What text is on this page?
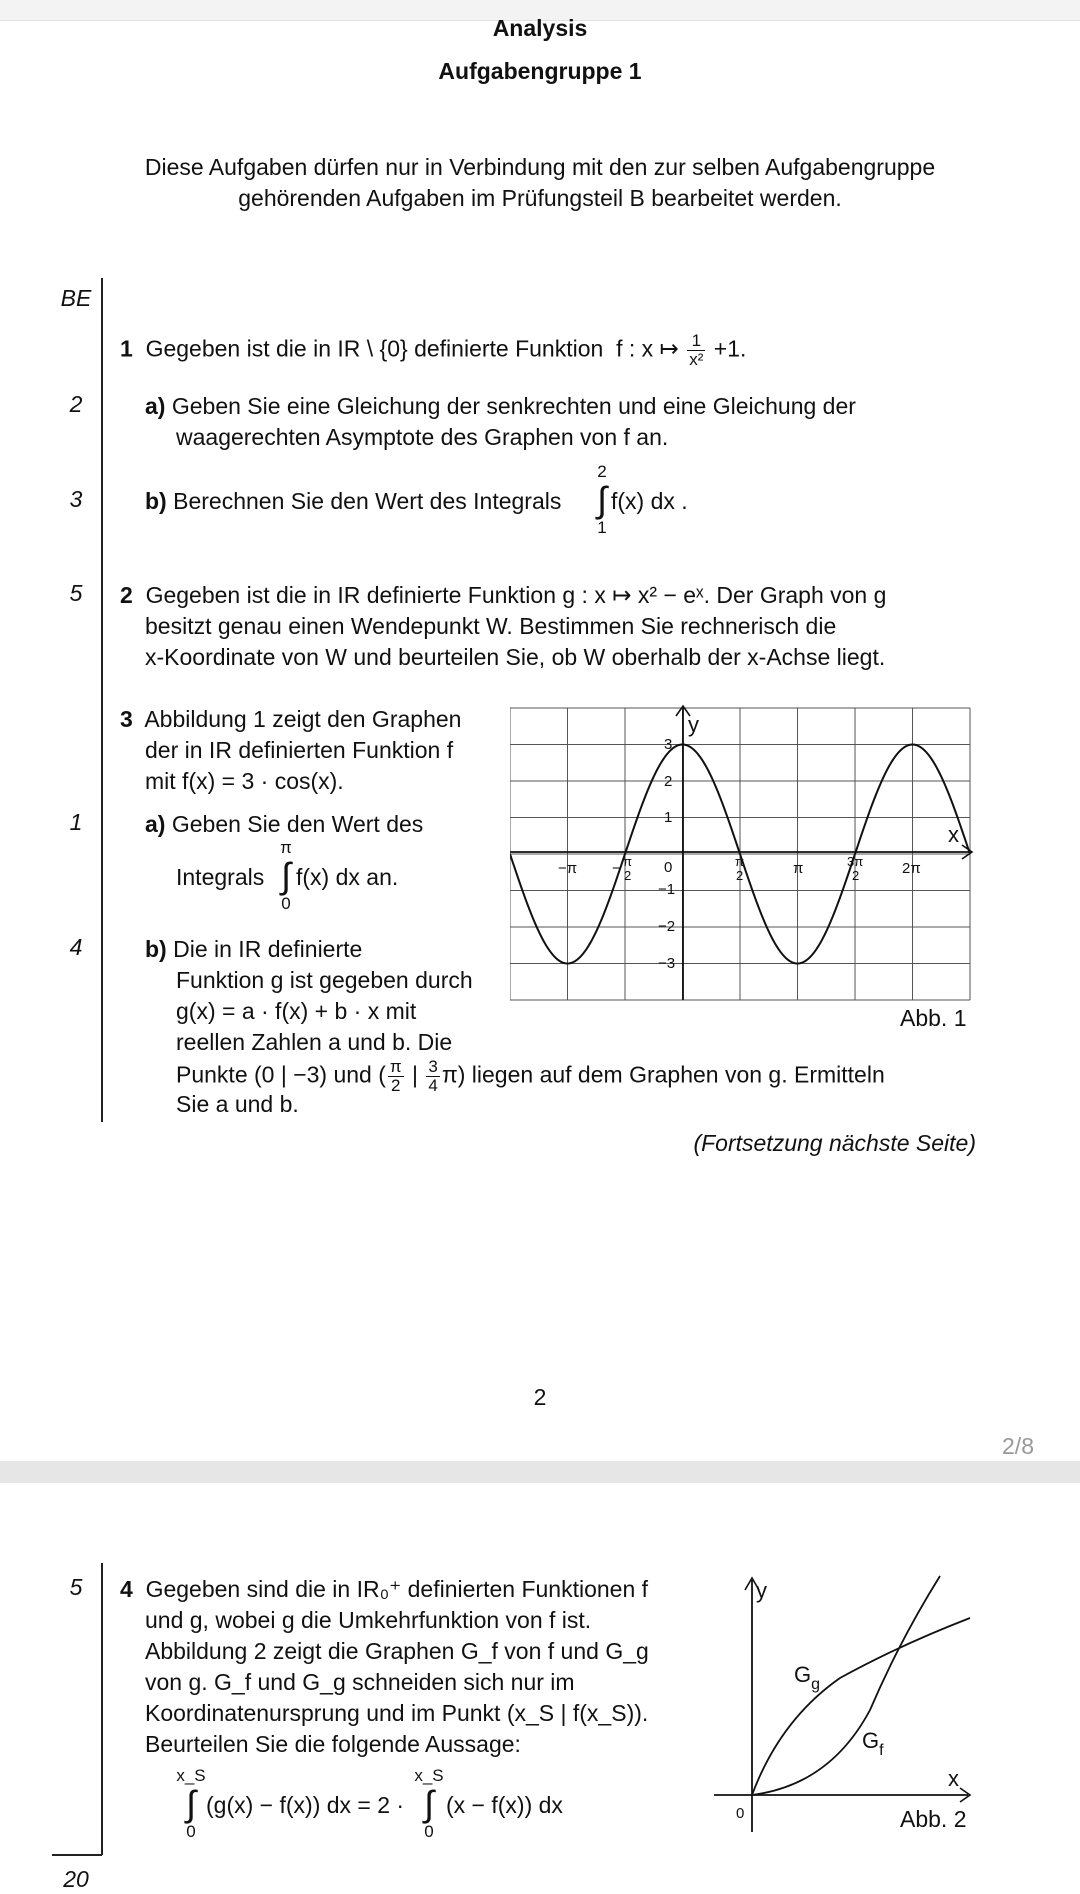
Analysis
Aufgabengruppe 1
Diese Aufgaben dürfen nur in Verbindung mit den zur selben Aufgabengruppe
gehörenden Aufgaben im Prüfungsteil B bearbeitet werden.
BE
1 Gegeben ist die in IR \ {0} definierte Funktion f : x ↦ $\frac{1}{\text{x²}} +1$.
2	a) Geben Sie eine Gleichung der senkrechten und eine Gleichung der
waagerechten Asymptote des Graphen von f an.
3	b) Berechnen Sie den Wert des Integrals
2
∫
1
f(x) dx .
5	2 Gegeben ist die in IR definierte Funktion g : x ↦ x² − eˣ. Der Graph von g
besitzt genau einen Wendepunkt W. Bestimmen Sie rechnerisch die
x-Koordinate von W und beurteilen Sie, ob W oberhalb der x-Achse liegt.
3 Abbildung 1 zeigt den Graphen
der in IR definierten Funktion f
mit f(x) = 3 · cos(x).
1	a) Geben Sie den Wert des
Integrals
π
∫
0
f(x) dx an.
4	b) Die in IR definierte
Funktion g ist gegeben durch
g(x) = a · f(x) + b · x mit
reellen Zahlen a und b. Die
Punkte (0 | −3) und ( $\frac{\pi}{2}$ | $\frac{3}{4} \pi$) liegen auf dem Graphen von g. Ermitteln
Sie a und b.
y
x
3
2
1
−1
−2
−3
0
−π − π
2
π
2	π	3π
2	2π
Abb. 1
(Fortsetzung nächste Seite)
2
2/8
20
5	4 Gegeben sind die in IR₀⁺ definierten Funktionen f
und g, wobei g die Umkehrfunktion von f ist.
Abbildung 2 zeigt die Graphen G_f von f und G_g
von g. G_f und G_g schneiden sich nur im
Koordinatenursprung und im Punkt (x_S | f(x_S)).
Beurteilen Sie die folgende Aussage:
x_S
∫
0
(g(x) − f(x)) dx = 2 ·
x_S
∫
0
(x − f(x)) dx
y
x
0
$G_g$
$G_f$
Abb. 2
